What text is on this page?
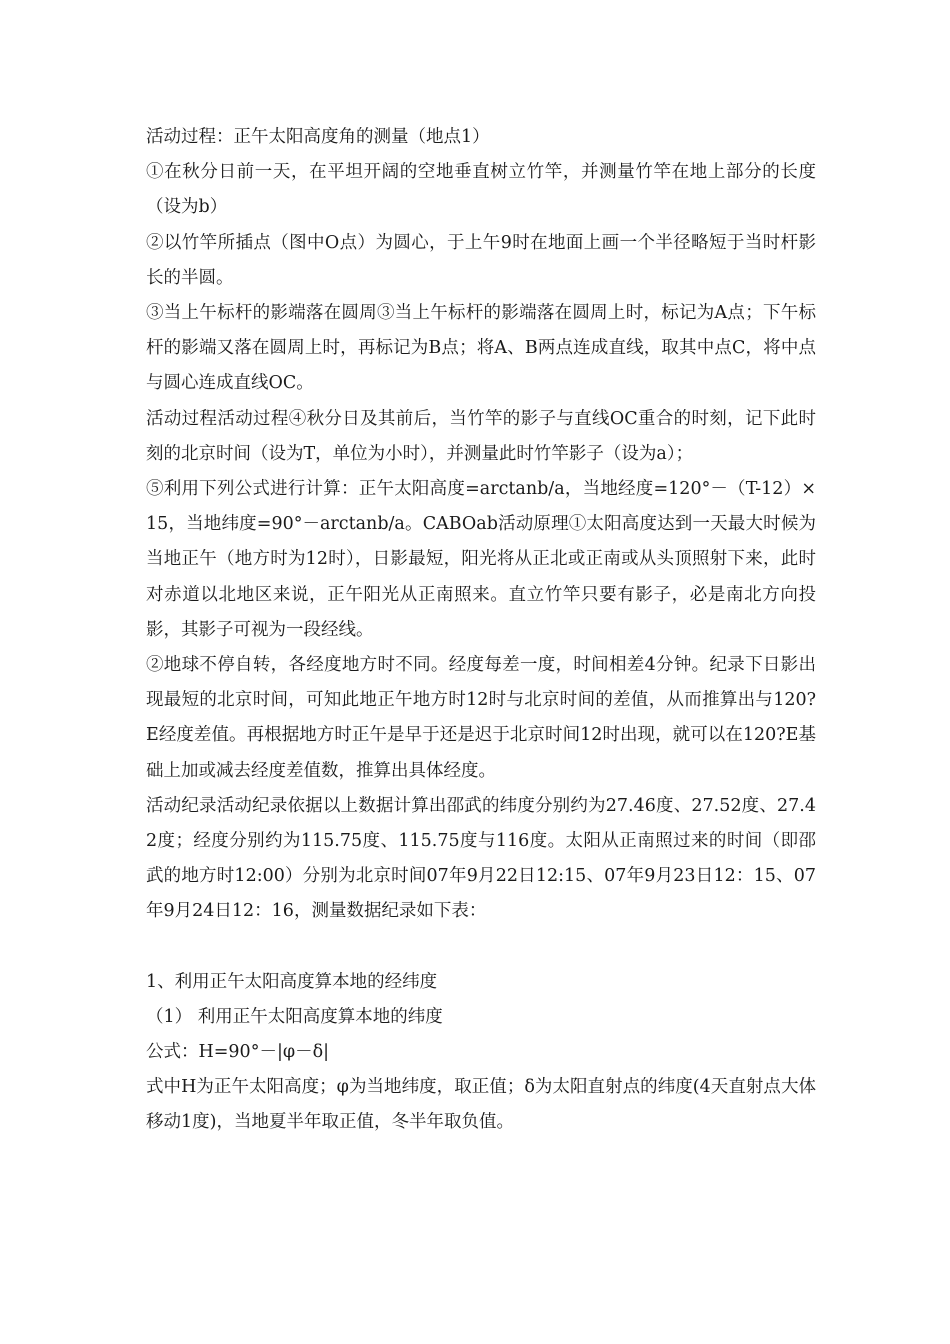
活动过程：正午太阳高度角的测量（地点1）

①在秋分日前一天，在平坦开阔的空地垂直树立竹竿，并测量竹竿在地上部分的长度（设为b）

②以竹竿所插点（图中O点）为圆心，于上午9时在地面上画一个半径略短于当时杆影长的半圆。

③当上午标杆的影端落在圆周③当上午标杆的影端落在圆周上时，标记为A点；下午标杆的影端又落在圆周上时，再标记为B点；将A、B两点连成直线，取其中点C，将中点与圆心连成直线OC。

活动过程活动过程④秋分日及其前后，当竹竿的影子与直线OC重合的时刻，记下此时刻的北京时间（设为T，单位为小时），并测量此时竹竿影子（设为a）；

⑤利用下列公式进行计算：正午太阳高度=arctanb/a，当地经度=120°－（T-12）×15，当地纬度=90°－arctanb/a。CABOab活动原理①太阳高度达到一天最大时候为当地正午（地方时为12时），日影最短，阳光将从正北或正南或从头顶照射下来，此时对赤道以北地区来说，正午阳光从正南照来。直立竹竿只要有影子，必是南北方向投影，其影子可视为一段经线。

②地球不停自转，各经度地方时不同。经度每差一度，时间相差4分钟。纪录下日影出现最短的北京时间，可知此地正午地方时12时与北京时间的差值，从而推算出与120?E经度差值。再根据地方时正午是早于还是迟于北京时间12时出现，就可以在120?E基础上加或减去经度差值数，推算出具体经度。

活动纪录活动纪录依据以上数据计算出邵武的纬度分别约为27.46度、27.52度、27.42度；经度分别约为115.75度、115.75度与116度。太阳从正南照过来的时间（即邵武的地方时12:00）分别为北京时间07年9月22日12:15、07年9月23日12：15、07年9月24日12：16，测量数据纪录如下表：

1、利用正午太阳高度算本地的经纬度

（1） 利用正午太阳高度算本地的纬度

公式：H=90°－|φ－δ|

式中H为正午太阳高度；φ为当地纬度，取正值；δ为太阳直射点的纬度(4天直射点大体移动1度)，当地夏半年取正值，冬半年取负值。
